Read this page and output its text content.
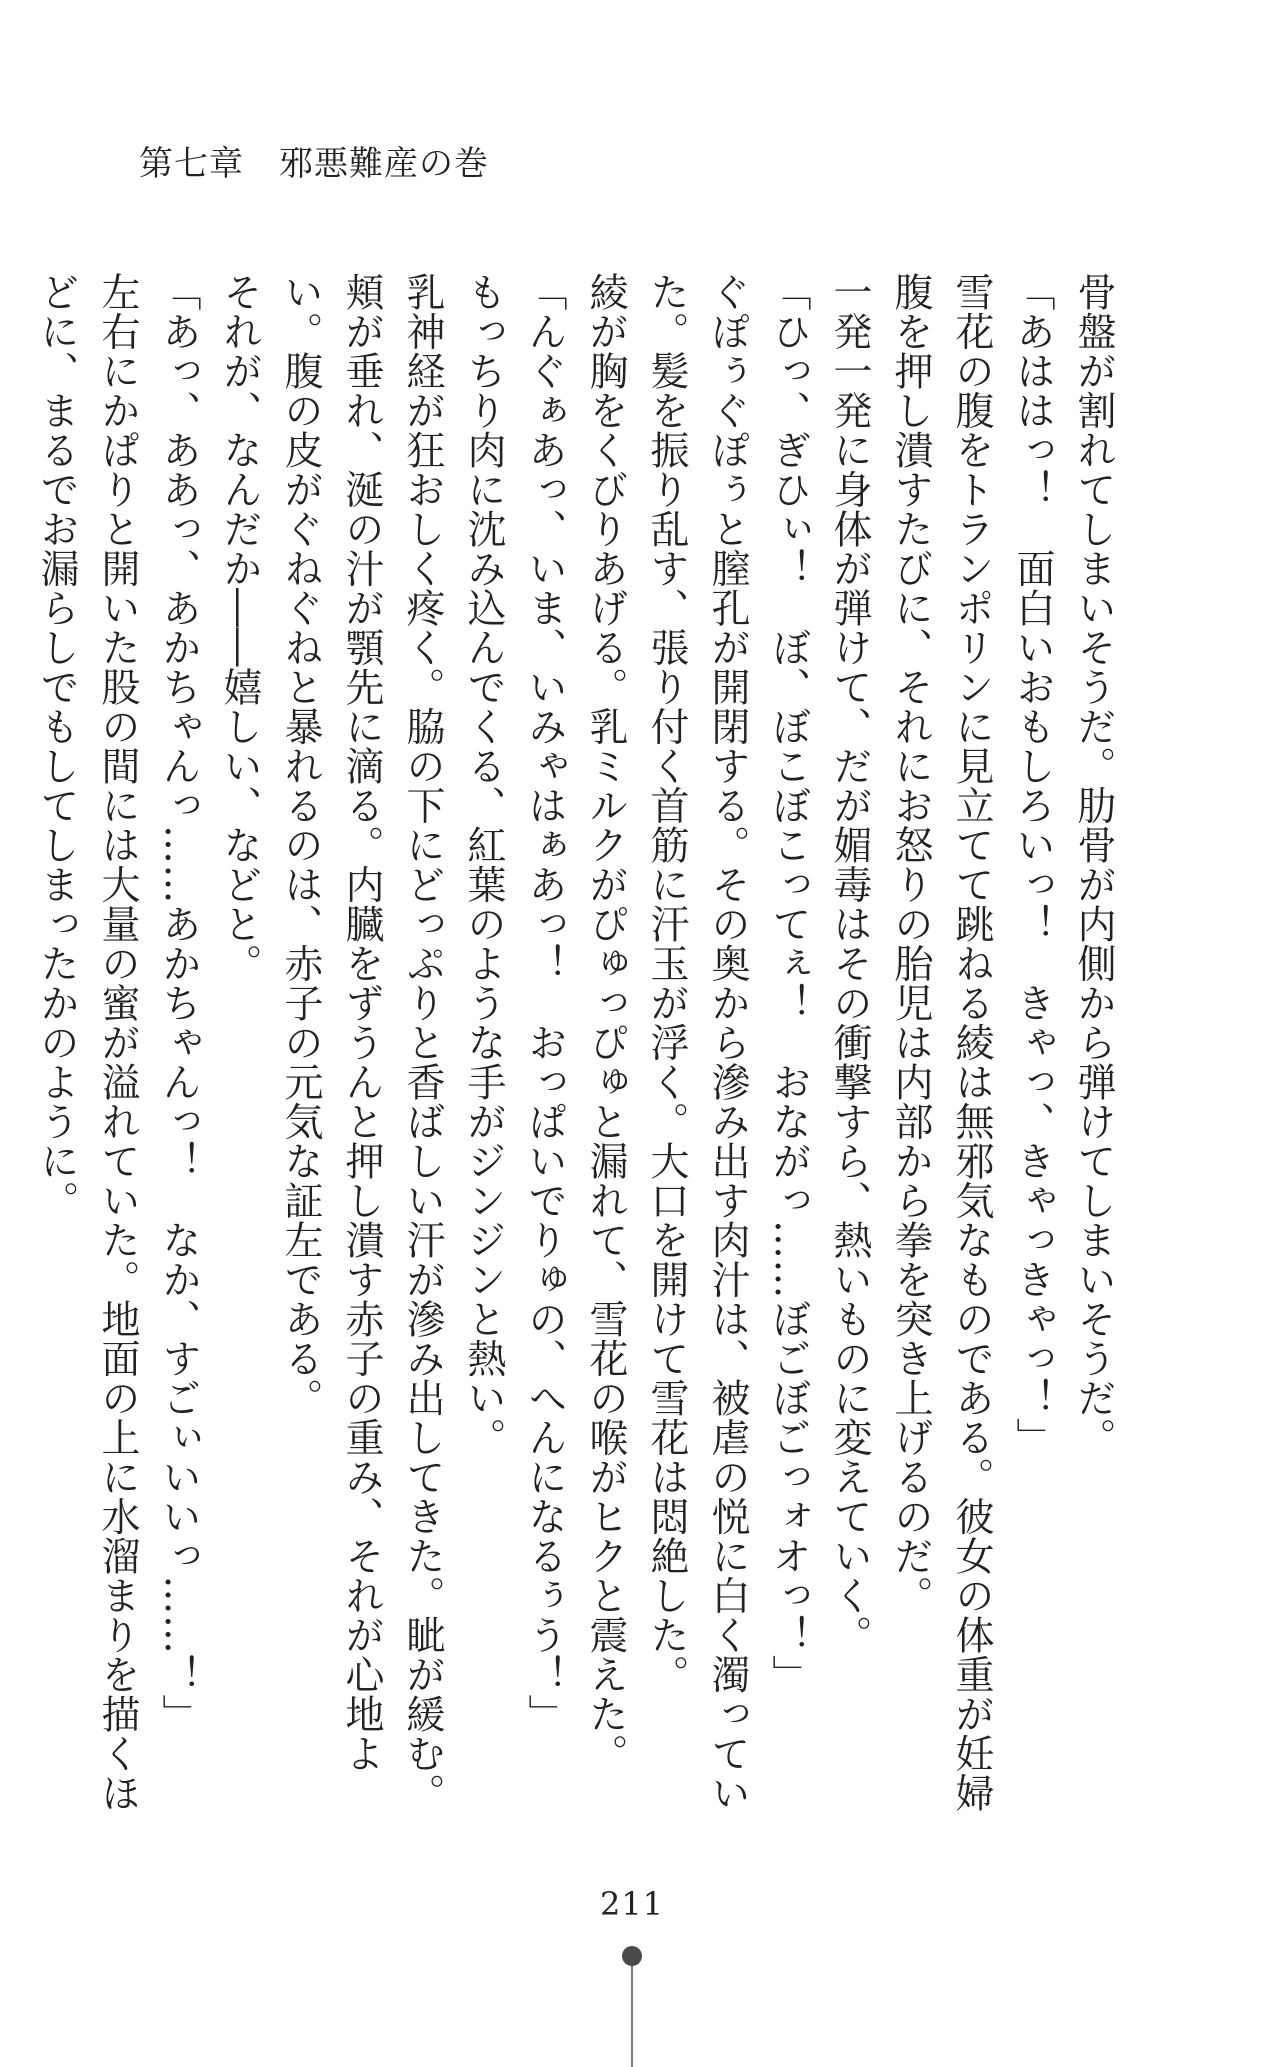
第七章　邪悪難産の巻

骨盤が割れてしまいそうだ。肋骨が内側から弾けてしまいそうだ。

「あははっ！　面白いおもしろいっ！　きゃっ、きゃっきゃっ！」

雪花の腹をトランポリンに見立てて跳ねる綾は無邪気なものである。彼女の体重が妊婦腹を押し潰すたびに、それにお怒りの胎児は内部から拳を突き上げるのだ。

一発一発に身体が弾けて、だが媚毒はその衝撃すら、熱いものに変えていく。

「ひっ、ぎひぃ！　ぼ、ぼこぼこってぇ！　おながっ……ぼごぼごっォオっ！」

ぐぽぅぐぽぅと膣孔が開閉する。その奥から滲み出す肉汁は、被虐の悦に白く濁っていた。髪を振り乱す、張り付く首筋に汗玉が浮く。大口を開けて雪花は悶絶した。

綾が胸をくびりあげる。乳ミルクがぴゅっぴゅと漏れて、雪花の喉がヒクと震えた。

「んぐぁあっ、いま、いみゃはぁあっ！　おっぱいでりゅの、へんになるぅう！」

もっちり肉に沈み込んでくる、紅葉のような手がジンジンと熱い。

乳神経が狂おしく疼く。脇の下にどっぷりと香ばしい汗が滲み出してきた。眦が緩む。頬が垂れ、涎の汁が顎先に滴る。内臓をずうんと押し潰す赤子の重み、それが心地よい。腹の皮がぐねぐねと暴れるのは、赤子の元気な証左である。

それが、なんだか――嬉しい、などと。

「あっ、ああっ、あかちゃんっ……あかちゃんっ！　なか、すごぃいいっ……！」

左右にかぱりと開いた股の間には大量の蜜が溢れていた。地面の上に水溜まりを描くほどに、まるでお漏らしでもしてしまったかのように。

211
